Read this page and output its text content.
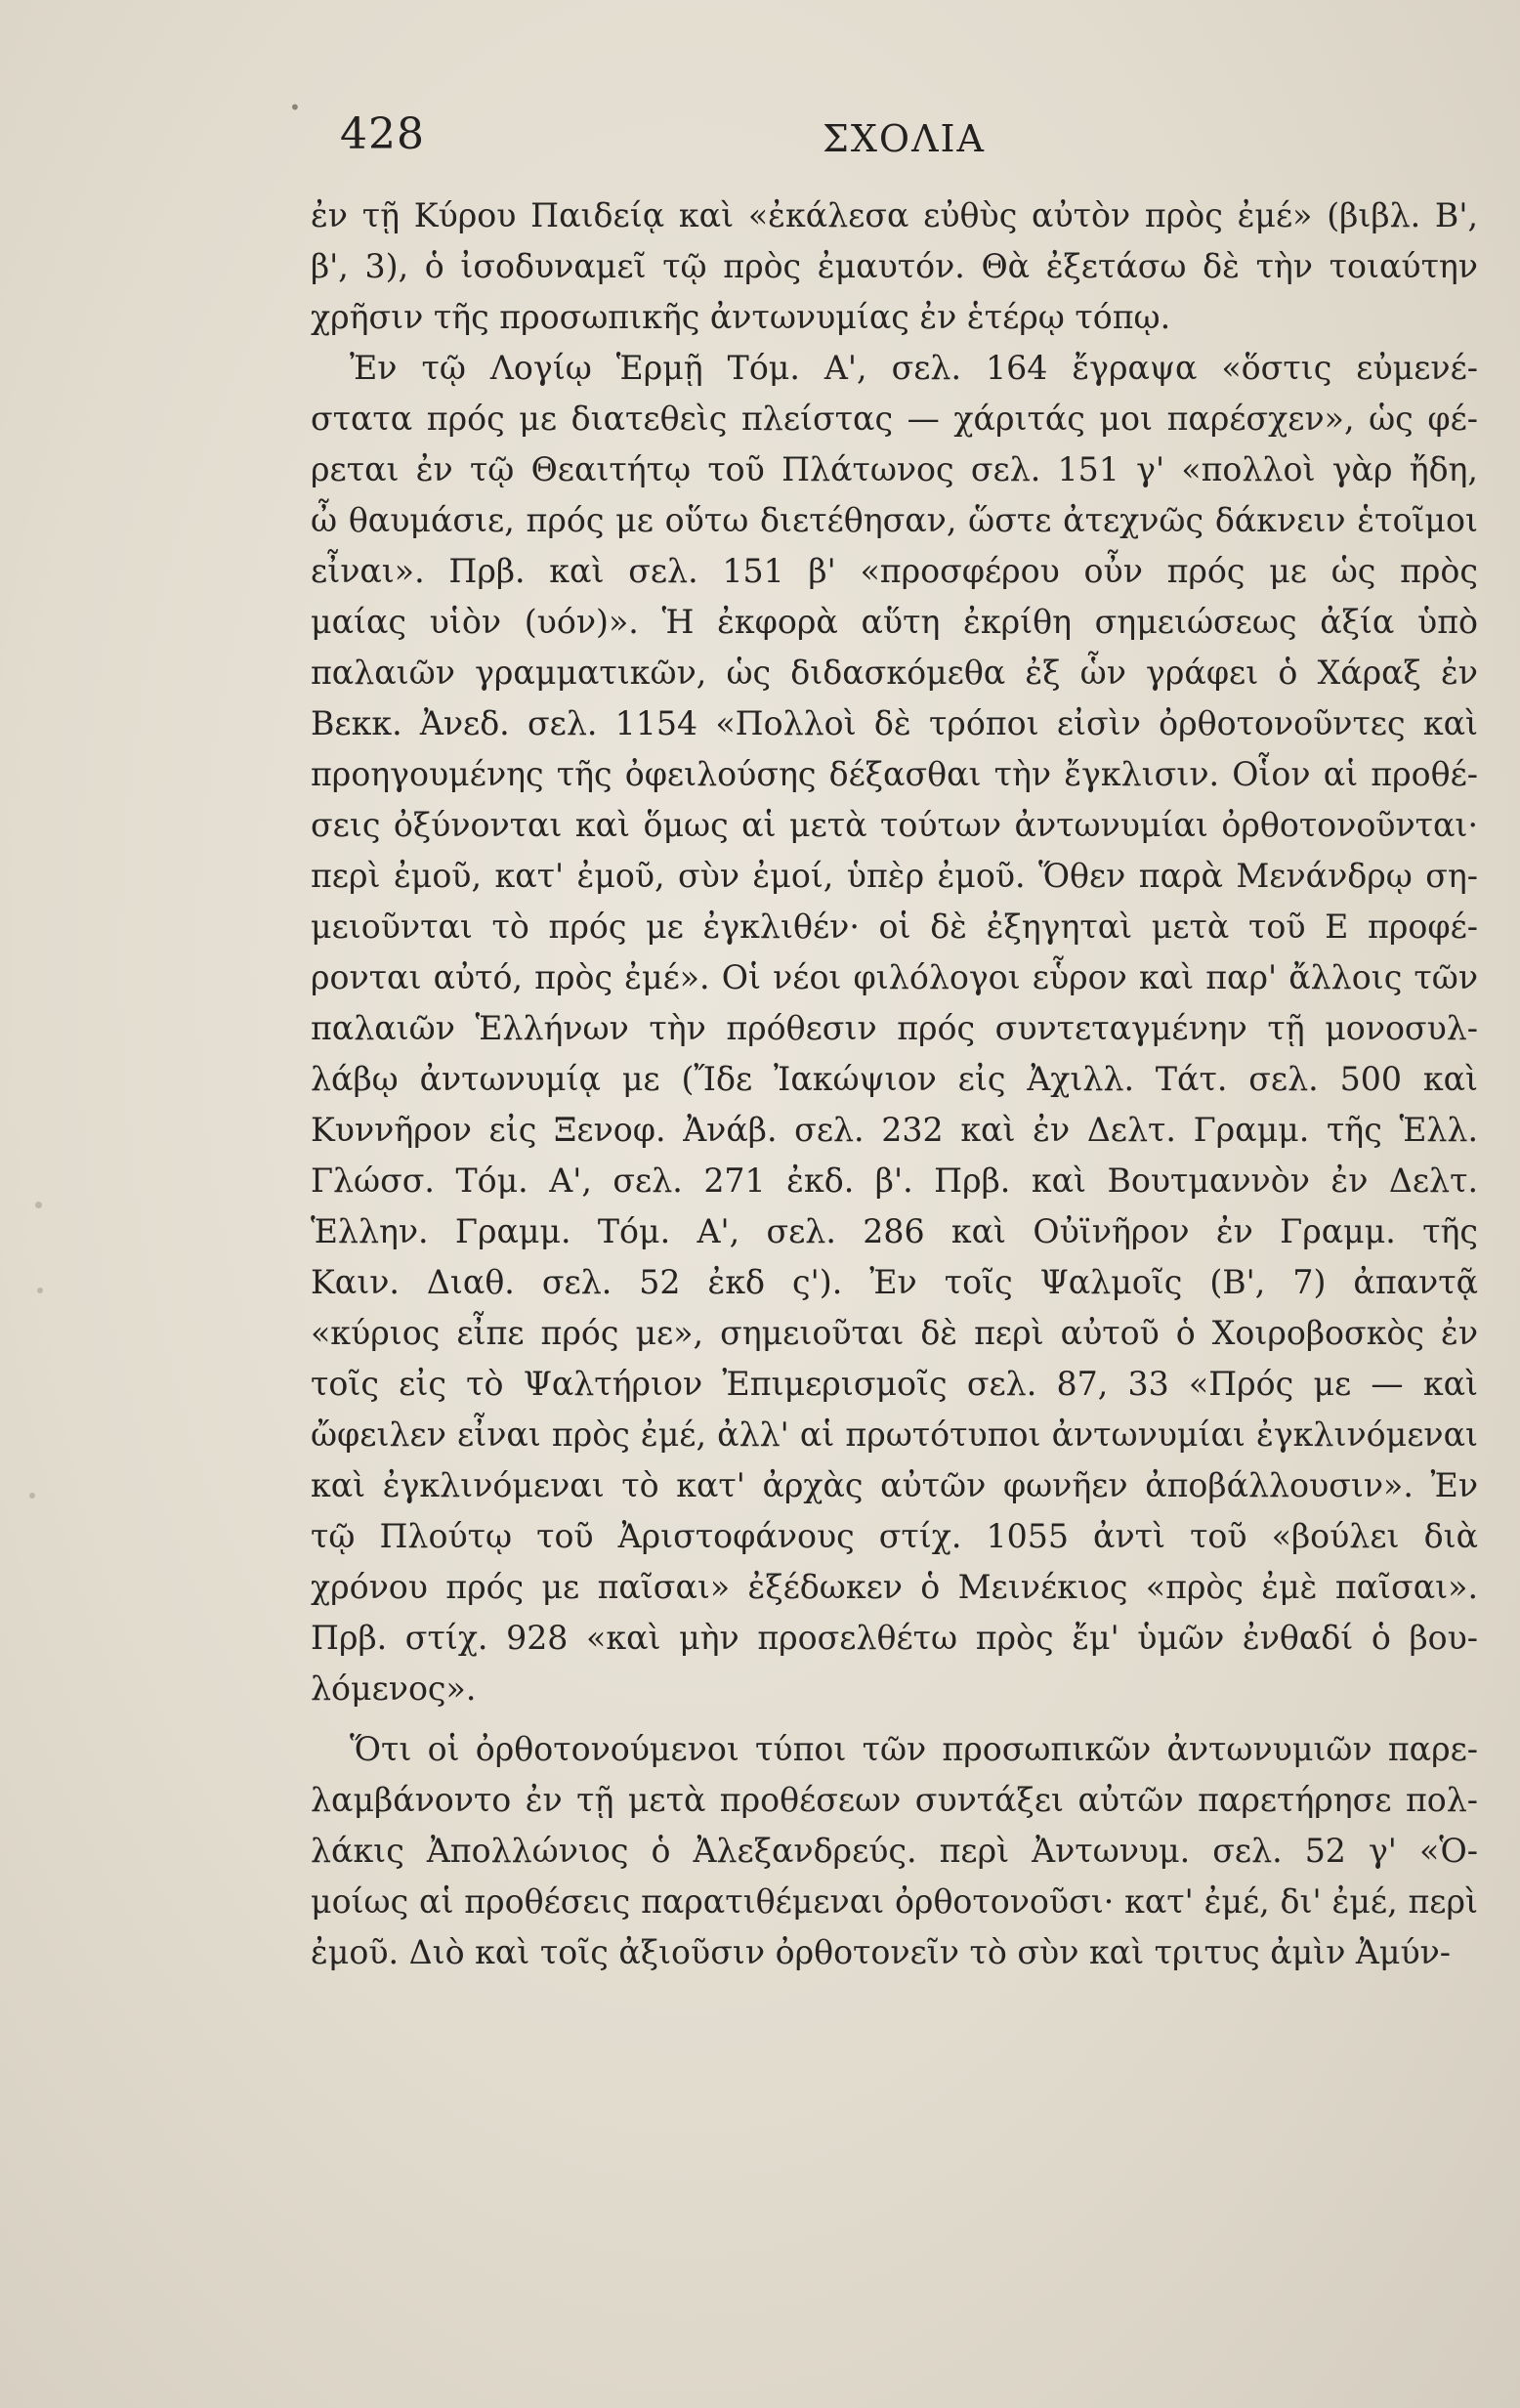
428	ΣΧΟΛΙΑ
ἐν τῇ Κύρου Παιδείᾳ καὶ «ἐκάλεσα εὐθὺς αὐτὸν πρὸς ἐμέ» (βιβλ. Β',
β', 3), ὁ ἰσοδυναμεῖ τῷ πρὸς ἐμαυτόν. Θὰ ἐξετάσω δὲ τὴν τοιαύτην
χρῆσιν τῆς προσωπικῆς ἀντωνυμίας ἐν ἑτέρῳ τόπῳ.
Ἐν τῷ Λογίῳ Ἑρμῇ Τόμ. Α', σελ. 164 ἔγραψα «ὅστις εὐμενέ-
στατα πρός με διατεθεὶς πλείστας — χάριτάς μοι παρέσχεν», ὡς φέ-
ρεται ἐν τῷ Θεαιτήτῳ τοῦ Πλάτωνος σελ. 151 γ' «πολλοὶ γὰρ ἤδη,
ὦ θαυμάσιε, πρός με οὕτω διετέθησαν, ὥστε ἀτεχνῶς δάκνειν ἑτοῖμοι
εἶναι». Πρβ. καὶ σελ. 151 β' «προσφέρου οὖν πρός με ὡς πρὸς
μαίας υἱὸν (υόν)». Ἡ ἐκφορὰ αὕτη ἐκρίθη σημειώσεως ἀξία ὑπὸ
παλαιῶν γραμματικῶν, ὡς διδασκόμεθα ἐξ ὧν γράφει ὁ Χάραξ ἐν
Βεκκ. Ἀνεδ. σελ. 1154 «Πολλοὶ δὲ τρόποι εἰσὶν ὀρθοτονοῦντες καὶ
προηγουμένης τῆς ὀφειλούσης δέξασθαι τὴν ἔγκλισιν. Οἷον αἱ προθέ-
σεις ὀξύνονται καὶ ὅμως αἱ μετὰ τούτων ἀντωνυμίαι ὀρθοτονοῦνται·
περὶ ἐμοῦ, κατ' ἐμοῦ, σὺν ἐμοί, ὑπὲρ ἐμοῦ. Ὅθεν παρὰ Μενάνδρῳ ση-
μειοῦνται τὸ πρός με ἐγκλιθέν· οἱ δὲ ἐξηγηταὶ μετὰ τοῦ Ε προφέ-
ρονται αὐτό, πρὸς ἐμέ». Οἱ νέοι φιλόλογοι εὗρον καὶ παρ' ἄλλοις τῶν
παλαιῶν Ἑλλήνων τὴν πρόθεσιν πρός συντεταγμένην τῇ μονοσυλ-
λάβῳ ἀντωνυμίᾳ με (Ἴδε Ἰακώψιον εἰς Ἀχιλλ. Τάτ. σελ. 500 καὶ
Κυννῆρον εἰς Ξενοφ. Ἀνάβ. σελ. 232 καὶ ἐν Δελτ. Γραμμ. τῆς Ἑλλ.
Γλώσσ. Τόμ. Α', σελ. 271 ἐκδ. β'. Πρβ. καὶ Βουτμαννὸν ἐν Δελτ.
Ἑλλην. Γραμμ. Τόμ. Α', σελ. 286 καὶ Οὐϊνῆρον ἐν Γραμμ. τῆς
Καιν. Διαθ. σελ. 52 ἐκδ ς'). Ἐν τοῖς Ψαλμοῖς (Β', 7) ἀπαντᾷ
«κύριος εἶπε πρός με», σημειοῦται δὲ περὶ αὐτοῦ ὁ Χοιροβοσκὸς ἐν
τοῖς εἰς τὸ Ψαλτήριον Ἐπιμερισμοῖς σελ. 87, 33 «Πρός με — καὶ
ὤφειλεν εἶναι πρὸς ἐμέ, ἀλλ' αἱ πρωτότυποι ἀντωνυμίαι ἐγκλινόμεναι
καὶ ἐγκλινόμεναι τὸ κατ' ἀρχὰς αὐτῶν φωνῆεν ἀποβάλλουσιν». Ἐν
τῷ Πλούτῳ τοῦ Ἀριστοφάνους στίχ. 1055 ἀντὶ τοῦ «βούλει διὰ
χρόνου πρός με παῖσαι» ἐξέδωκεν ὁ Μεινέκιος «πρὸς ἐμὲ παῖσαι».
Πρβ. στίχ. 928 «καὶ μὴν προσελθέτω πρὸς ἔμ' ὑμῶν ἐνθαδί ὁ βου-
λόμενος».
Ὅτι οἱ ὀρθοτονούμενοι τύποι τῶν προσωπικῶν ἀντωνυμιῶν παρε-
λαμβάνοντο ἐν τῇ μετὰ προθέσεων συντάξει αὐτῶν παρετήρησε πολ-
λάκις Ἀπολλώνιος ὁ Ἀλεξανδρεύς. περὶ Ἀντωνυμ. σελ. 52 γ' «Ὁ-
μοίως αἱ προθέσεις παρατιθέμεναι ὀρθοτονοῦσι· κατ' ἐμέ, δι' ἐμέ, περὶ
ἐμοῦ. Διὸ καὶ τοῖς ἀξιοῦσιν ὀρθοτονεῖν τὸ σὺν καὶ τριτυς ἀμὶν Ἀμύν-
•
